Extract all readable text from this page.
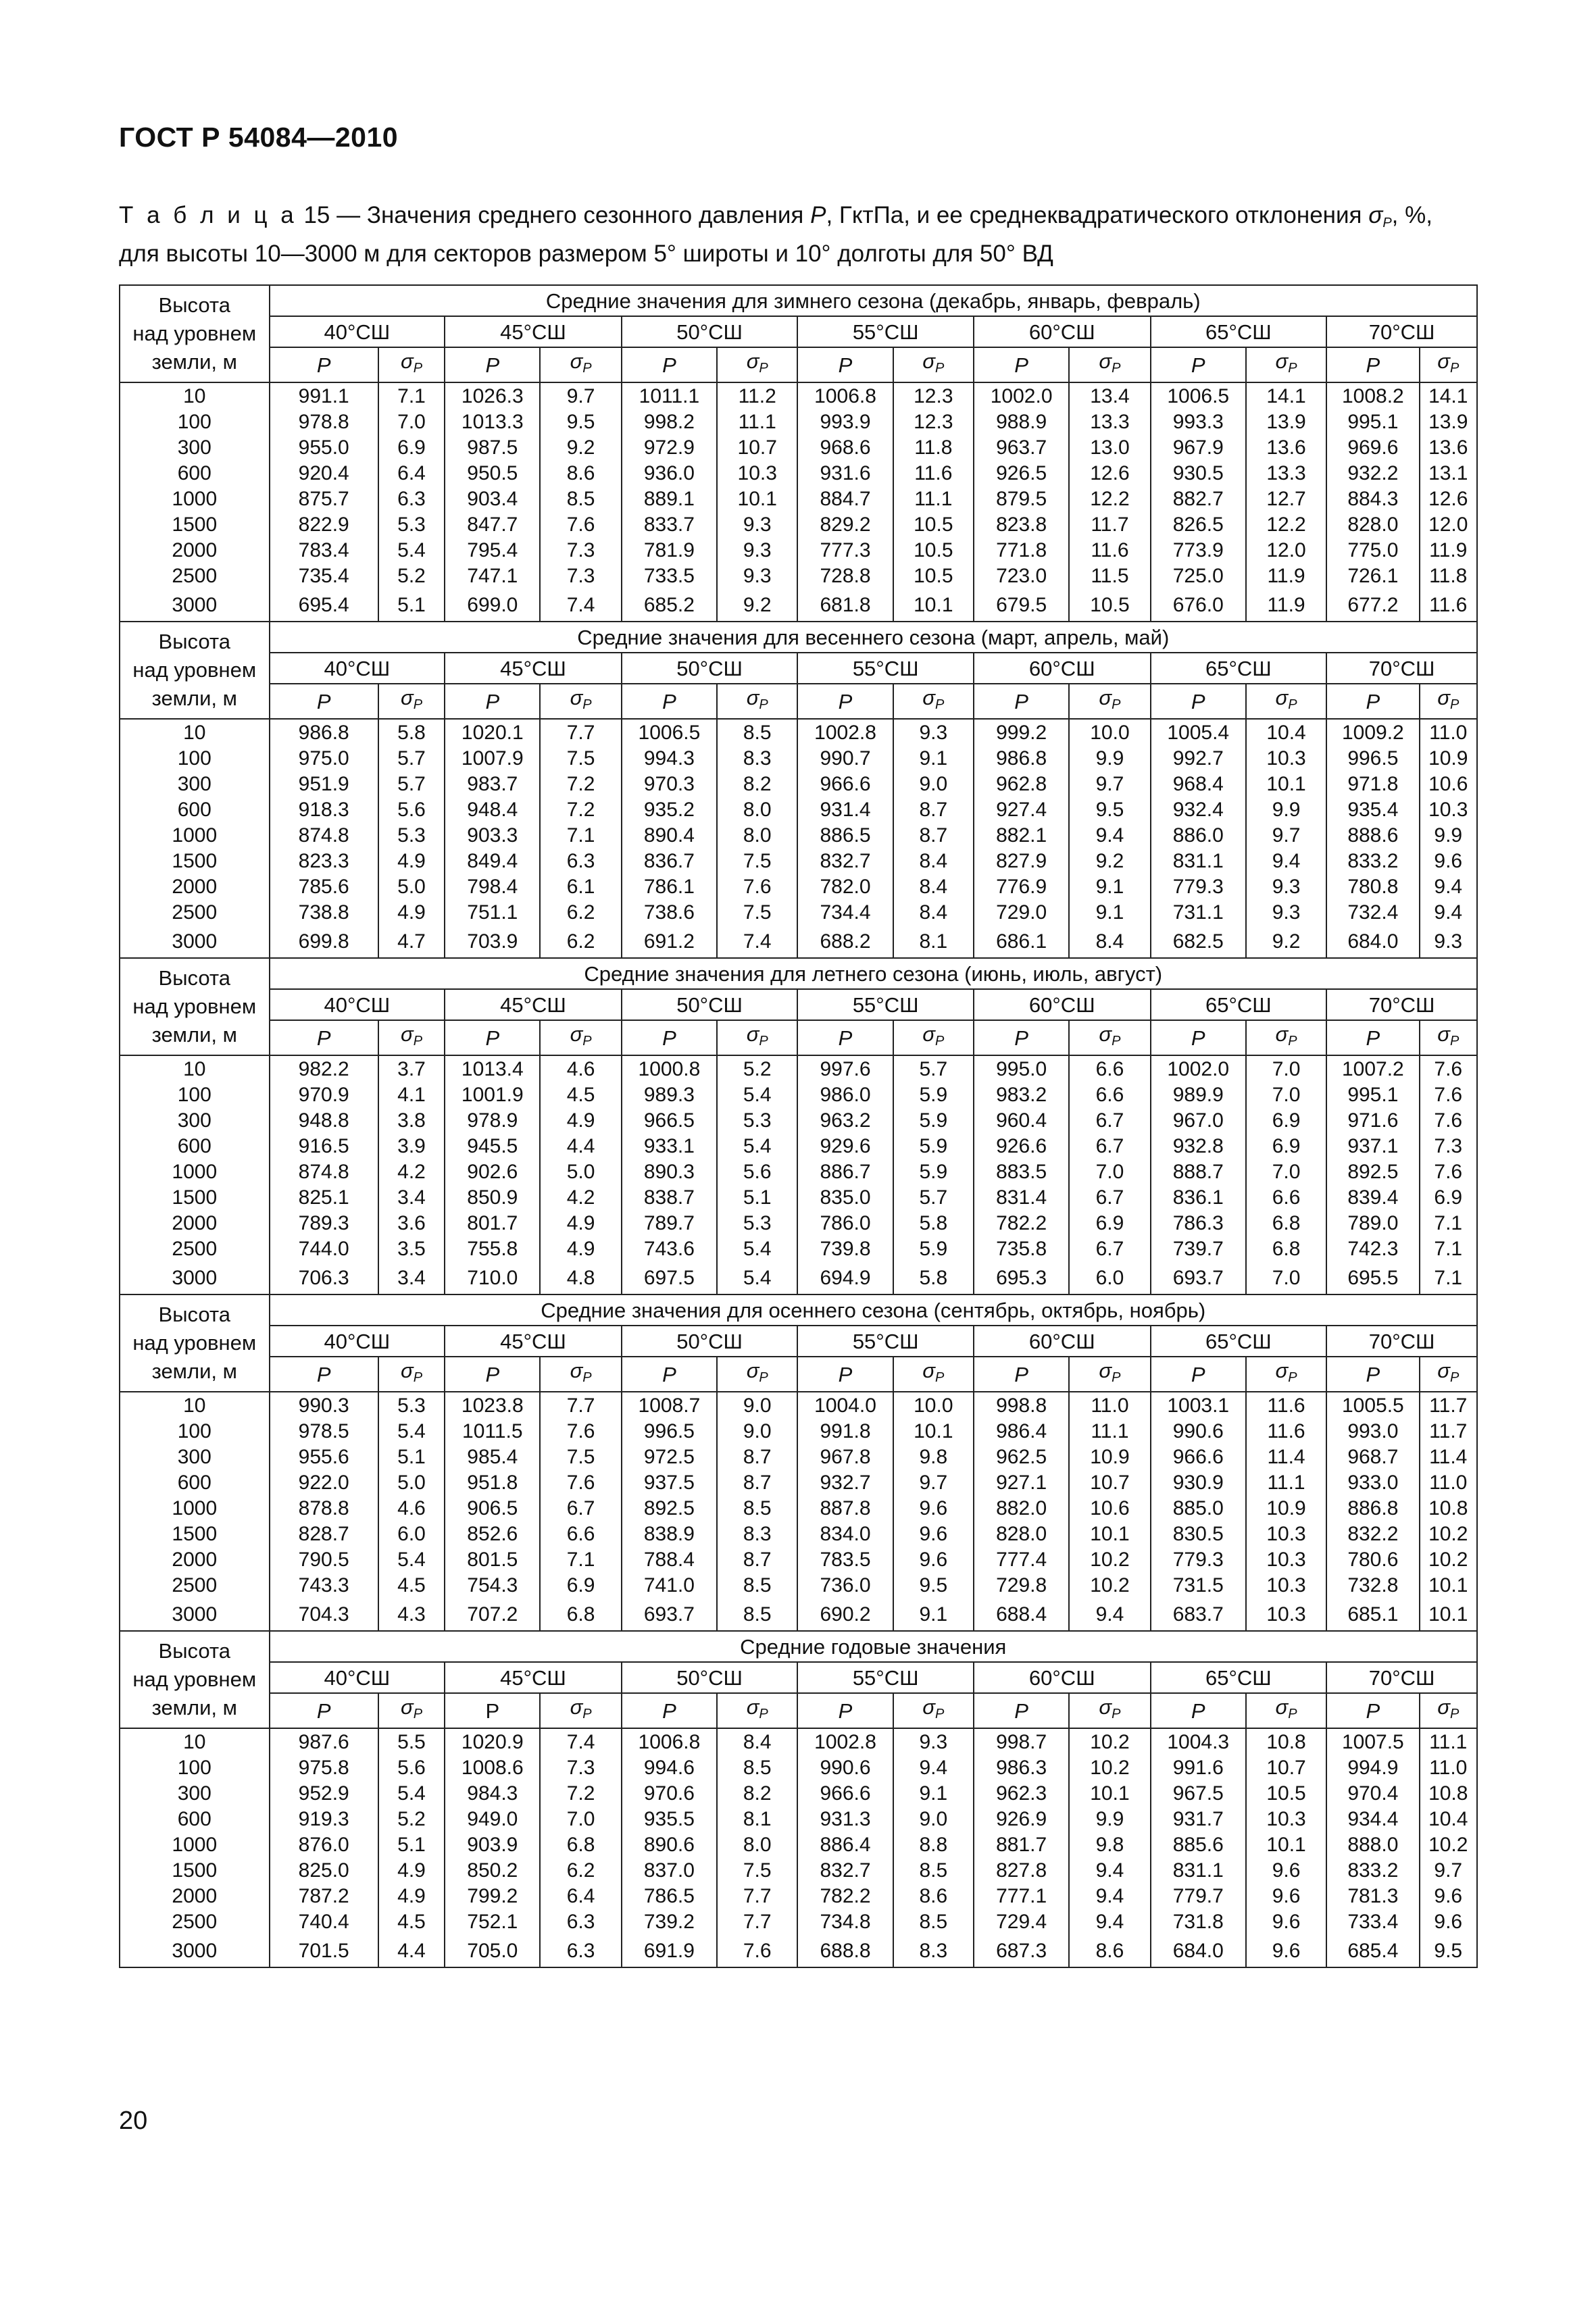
ГОСТ Р 54084—2010
Т а б л и ц а 15 — Значения среднего сезонного давления P, ГктПа, и ее среднеквадратического отклонения $\sigma_P$, %,
для высоты 10—3000 м для секторов размером 5° широты и 10° долготы для 50° ВД
Высота
над уровнем
земли, м	Средние значения для зимнего сезона (декабрь, январь, февраль)													
	40°СШ		45°СШ		50°СШ		55°СШ		60°СШ		65°СШ		70°СШ	
	P	$\sigma_P$	P	$\sigma_P$	P	$\sigma_P$	P	$\sigma_P$	P	$\sigma_P$	P	$\sigma_P$	P	$\sigma_P$
10	991.1	7.1	1026.3	9.7	1011.1	11.2	1006.8	12.3	1002.0	13.4	1006.5	14.1	1008.2	14.1
100	978.8	7.0	1013.3	9.5	998.2	11.1	993.9	12.3	988.9	13.3	993.3	13.9	995.1	13.9
300	955.0	6.9	987.5	9.2	972.9	10.7	968.6	11.8	963.7	13.0	967.9	13.6	969.6	13.6
600	920.4	6.4	950.5	8.6	936.0	10.3	931.6	11.6	926.5	12.6	930.5	13.3	932.2	13.1
1000	875.7	6.3	903.4	8.5	889.1	10.1	884.7	11.1	879.5	12.2	882.7	12.7	884.3	12.6
1500	822.9	5.3	847.7	7.6	833.7	9.3	829.2	10.5	823.8	11.7	826.5	12.2	828.0	12.0
2000	783.4	5.4	795.4	7.3	781.9	9.3	777.3	10.5	771.8	11.6	773.9	12.0	775.0	11.9
2500	735.4	5.2	747.1	7.3	733.5	9.3	728.8	10.5	723.0	11.5	725.0	11.9	726.1	11.8
3000	695.4	5.1	699.0	7.4	685.2	9.2	681.8	10.1	679.5	10.5	676.0	11.9	677.2	11.6

Высота
над уровнем
земли, м	Средние значения для весеннего сезона (март, апрель, май)													
	40°СШ		45°СШ		50°СШ		55°СШ		60°СШ		65°СШ		70°СШ	
	P	$\sigma_P$	P	$\sigma_P$	P	$\sigma_P$	P	$\sigma_P$	P	$\sigma_P$	P	$\sigma_P$	P	$\sigma_P$
10	986.8	5.8	1020.1	7.7	1006.5	8.5	1002.8	9.3	999.2	10.0	1005.4	10.4	1009.2	11.0
100	975.0	5.7	1007.9	7.5	994.3	8.3	990.7	9.1	986.8	9.9	992.7	10.3	996.5	10.9
300	951.9	5.7	983.7	7.2	970.3	8.2	966.6	9.0	962.8	9.7	968.4	10.1	971.8	10.6
600	918.3	5.6	948.4	7.2	935.2	8.0	931.4	8.7	927.4	9.5	932.4	9.9	935.4	10.3
1000	874.8	5.3	903.3	7.1	890.4	8.0	886.5	8.7	882.1	9.4	886.0	9.7	888.6	9.9
1500	823.3	4.9	849.4	6.3	836.7	7.5	832.7	8.4	827.9	9.2	831.1	9.4	833.2	9.6
2000	785.6	5.0	798.4	6.1	786.1	7.6	782.0	8.4	776.9	9.1	779.3	9.3	780.8	9.4
2500	738.8	4.9	751.1	6.2	738.6	7.5	734.4	8.4	729.0	9.1	731.1	9.3	732.4	9.4
3000	699.8	4.7	703.9	6.2	691.2	7.4	688.2	8.1	686.1	8.4	682.5	9.2	684.0	9.3

Высота
над уровнем
земли, м	Средние значения для летнего сезона (июнь, июль, август)													
	40°СШ		45°СШ		50°СШ		55°СШ		60°СШ		65°СШ		70°СШ	
	P	$\sigma_P$	P	$\sigma_P$	P	$\sigma_P$	P	$\sigma_P$	P	$\sigma_P$	P	$\sigma_P$	P	$\sigma_P$
10	982.2	3.7	1013.4	4.6	1000.8	5.2	997.6	5.7	995.0	6.6	1002.0	7.0	1007.2	7.6
100	970.9	4.1	1001.9	4.5	989.3	5.4	986.0	5.9	983.2	6.6	989.9	7.0	995.1	7.6
300	948.8	3.8	978.9	4.9	966.5	5.3	963.2	5.9	960.4	6.7	967.0	6.9	971.6	7.6
600	916.5	3.9	945.5	4.4	933.1	5.4	929.6	5.9	926.6	6.7	932.8	6.9	937.1	7.3
1000	874.8	4.2	902.6	5.0	890.3	5.6	886.7	5.9	883.5	7.0	888.7	7.0	892.5	7.6
1500	825.1	3.4	850.9	4.2	838.7	5.1	835.0	5.7	831.4	6.7	836.1	6.6	839.4	6.9
2000	789.3	3.6	801.7	4.9	789.7	5.3	786.0	5.8	782.2	6.9	786.3	6.8	789.0	7.1
2500	744.0	3.5	755.8	4.9	743.6	5.4	739.8	5.9	735.8	6.7	739.7	6.8	742.3	7.1
3000	706.3	3.4	710.0	4.8	697.5	5.4	694.9	5.8	695.3	6.0	693.7	7.0	695.5	7.1

Высота
над уровнем
земли, м	Средние значения для осеннего сезона (сентябрь, октябрь, ноябрь)													
	40°СШ		45°СШ		50°СШ		55°СШ		60°СШ		65°СШ		70°СШ	
	P	$\sigma_P$	P	$\sigma_P$	P	$\sigma_P$	P	$\sigma_P$	P	$\sigma_P$	P	$\sigma_P$	P	$\sigma_P$
10	990.3	5.3	1023.8	7.7	1008.7	9.0	1004.0	10.0	998.8	11.0	1003.1	11.6	1005.5	11.7
100	978.5	5.4	1011.5	7.6	996.5	9.0	991.8	10.1	986.4	11.1	990.6	11.6	993.0	11.7
300	955.6	5.1	985.4	7.5	972.5	8.7	967.8	9.8	962.5	10.9	966.6	11.4	968.7	11.4
600	922.0	5.0	951.8	7.6	937.5	8.7	932.7	9.7	927.1	10.7	930.9	11.1	933.0	11.0
1000	878.8	4.6	906.5	6.7	892.5	8.5	887.8	9.6	882.0	10.6	885.0	10.9	886.8	10.8
1500	828.7	6.0	852.6	6.6	838.9	8.3	834.0	9.6	828.0	10.1	830.5	10.3	832.2	10.2
2000	790.5	5.4	801.5	7.1	788.4	8.7	783.5	9.6	777.4	10.2	779.3	10.3	780.6	10.2
2500	743.3	4.5	754.3	6.9	741.0	8.5	736.0	9.5	729.8	10.2	731.5	10.3	732.8	10.1
3000	704.3	4.3	707.2	6.8	693.7	8.5	690.2	9.1	688.4	9.4	683.7	10.3	685.1	10.1

Высота
над уровнем
земли, м	Средние годовые значения													
	40°СШ		45°СШ		50°СШ		55°СШ		60°СШ		65°СШ		70°СШ	
	P	$\sigma_P$	Р	$\sigma_P$	P	$\sigma_P$	P	$\sigma_P$	P	$\sigma_P$	P	$\sigma_P$	P	$\sigma_P$
10	987.6	5.5	1020.9	7.4	1006.8	8.4	1002.8	9.3	998.7	10.2	1004.3	10.8	1007.5	11.1
100	975.8	5.6	1008.6	7.3	994.6	8.5	990.6	9.4	986.3	10.2	991.6	10.7	994.9	11.0
300	952.9	5.4	984.3	7.2	970.6	8.2	966.6	9.1	962.3	10.1	967.5	10.5	970.4	10.8
600	919.3	5.2	949.0	7.0	935.5	8.1	931.3	9.0	926.9	9.9	931.7	10.3	934.4	10.4
1000	876.0	5.1	903.9	6.8	890.6	8.0	886.4	8.8	881.7	9.8	885.6	10.1	888.0	10.2
1500	825.0	4.9	850.2	6.2	837.0	7.5	832.7	8.5	827.8	9.4	831.1	9.6	833.2	9.7
2000	787.2	4.9	799.2	6.4	786.5	7.7	782.2	8.6	777.1	9.4	779.7	9.6	781.3	9.6
2500	740.4	4.5	752.1	6.3	739.2	7.7	734.8	8.5	729.4	9.4	731.8	9.6	733.4	9.6
3000	701.5	4.4	705.0	6.3	691.9	7.6	688.8	8.3	687.3	8.6	684.0	9.6	685.4	9.5
20
